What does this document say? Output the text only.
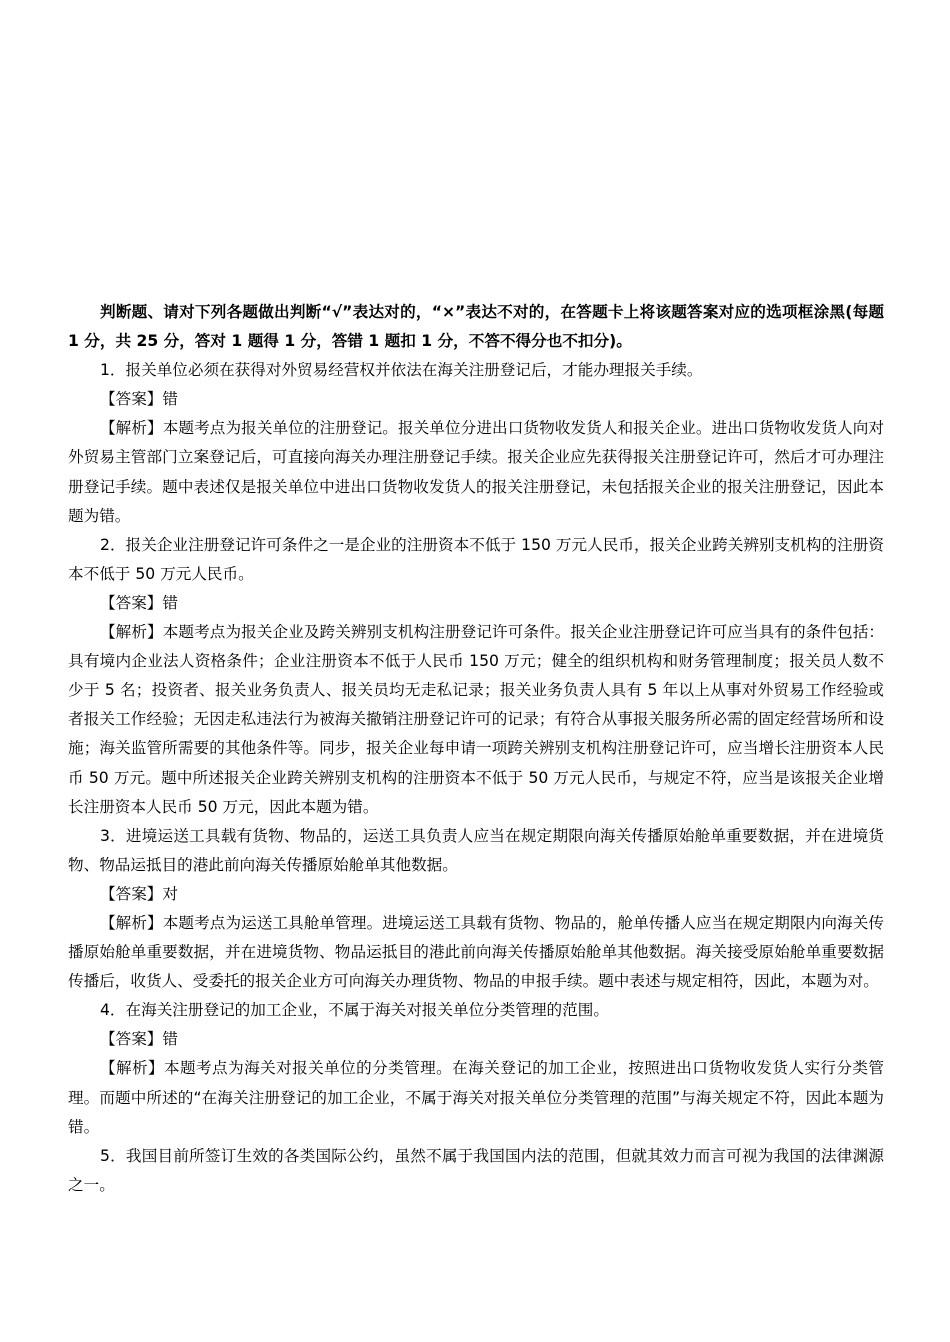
判断题、请对下列各题做出判断“√”表达对的，“×”表达不对的，在答题卡上将该题答案对应的选项框涂黑(每题 1 分，共 25 分，答对 1 题得 1 分，答错 1 题扣 1 分，不答不得分也不扣分)。

1．报关单位必须在获得对外贸易经营权并依法在海关注册登记后，才能办理报关手续。

【答案】错

【解析】本题考点为报关单位的注册登记。报关单位分进出口货物收发货人和报关企业。进出口货物收发货人向对外贸易主管部门立案登记后，可直接向海关办理注册登记手续。报关企业应先获得报关注册登记许可，然后才可办理注册登记手续。题中表述仅是报关单位中进出口货物收发货人的报关注册登记，未包括报关企业的报关注册登记，因此本题为错。

2．报关企业注册登记许可条件之一是企业的注册资本不低于 150 万元人民币，报关企业跨关辨别支机构的注册资本不低于 50 万元人民币。

【答案】错

【解析】本题考点为报关企业及跨关辨别支机构注册登记许可条件。报关企业注册登记许可应当具有的条件包括：具有境内企业法人资格条件；企业注册资本不低于人民币 150 万元；健全的组织机构和财务管理制度；报关员人数不少于 5 名；投资者、报关业务负责人、报关员均无走私记录；报关业务负责人具有 5 年以上从事对外贸易工作经验或者报关工作经验；无因走私违法行为被海关撤销注册登记许可的记录；有符合从事报关服务所必需的固定经营场所和设施；海关监管所需要的其他条件等。同步，报关企业每申请一项跨关辨别支机构注册登记许可，应当增长注册资本人民币 50 万元。题中所述报关企业跨关辨别支机构的注册资本不低于 50 万元人民币，与规定不符，应当是该报关企业增长注册资本人民币 50 万元，因此本题为错。

3．进境运送工具载有货物、物品的，运送工具负责人应当在规定期限向海关传播原始舱单重要数据，并在进境货物、物品运抵目的港此前向海关传播原始舱单其他数据。

【答案】对

【解析】本题考点为运送工具舱单管理。进境运送工具载有货物、物品的，舱单传播人应当在规定期限内向海关传播原始舱单重要数据，并在进境货物、物品运抵目的港此前向海关传播原始舱单其他数据。海关接受原始舱单重要数据传播后，收货人、受委托的报关企业方可向海关办理货物、物品的申报手续。题中表述与规定相符，因此，本题为对。

4．在海关注册登记的加工企业，不属于海关对报关单位分类管理的范围。

【答案】错

【解析】本题考点为海关对报关单位的分类管理。在海关登记的加工企业，按照进出口货物收发货人实行分类管理。而题中所述的“在海关注册登记的加工企业，不属于海关对报关单位分类管理的范围”与海关规定不符，因此本题为错。

5．我国目前所签订生效的各类国际公约，虽然不属于我国国内法的范围，但就其效力而言可视为我国的法律渊源之一。
